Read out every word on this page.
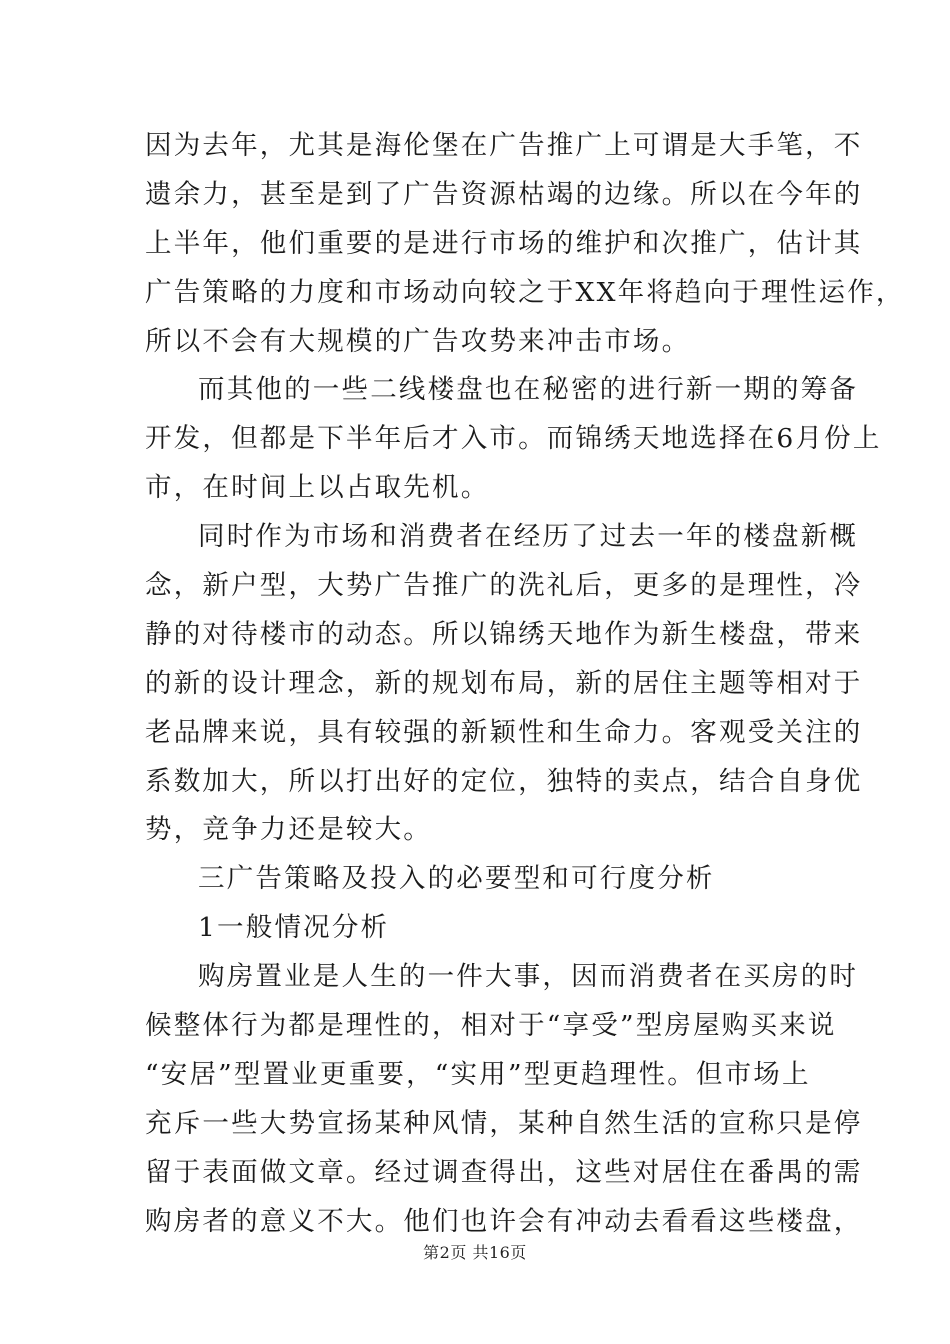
因为去年，尤其是海伦堡在广告推广上可谓是大手笔，不
遗余力，甚至是到了广告资源枯竭的边缘。所以在今年的
上半年，他们重要的是进行市场的维护和次推广，估计其
广告策略的力度和市场动向较之于XX年将趋向于理性运作，
所以不会有大规模的广告攻势来冲击市场。
而其他的一些二线楼盘也在秘密的进行新一期的筹备
开发，但都是下半年后才入市。而锦绣天地选择在6月份上
市，在时间上以占取先机。
同时作为市场和消费者在经历了过去一年的楼盘新概
念，新户型，大势广告推广的洗礼后，更多的是理性，冷
静的对待楼市的动态。所以锦绣天地作为新生楼盘，带来
的新的设计理念，新的规划布局，新的居住主题等相对于
老品牌来说，具有较强的新颖性和生命力。客观受关注的
系数加大，所以打出好的定位，独特的卖点，结合自身优
势，竞争力还是较大。
三广告策略及投入的必要型和可行度分析
1一般情况分析
购房置业是人生的一件大事，因而消费者在买房的时
候整体行为都是理性的，相对于“享受”型房屋购买来说
“安居”型置业更重要，“实用”型更趋理性。但市场上
充斥一些大势宣扬某种风情，某种自然生活的宣称只是停
留于表面做文章。经过调查得出，这些对居住在番禺的需
购房者的意义不大。他们也许会有冲动去看看这些楼盘，
第2页 共16页
